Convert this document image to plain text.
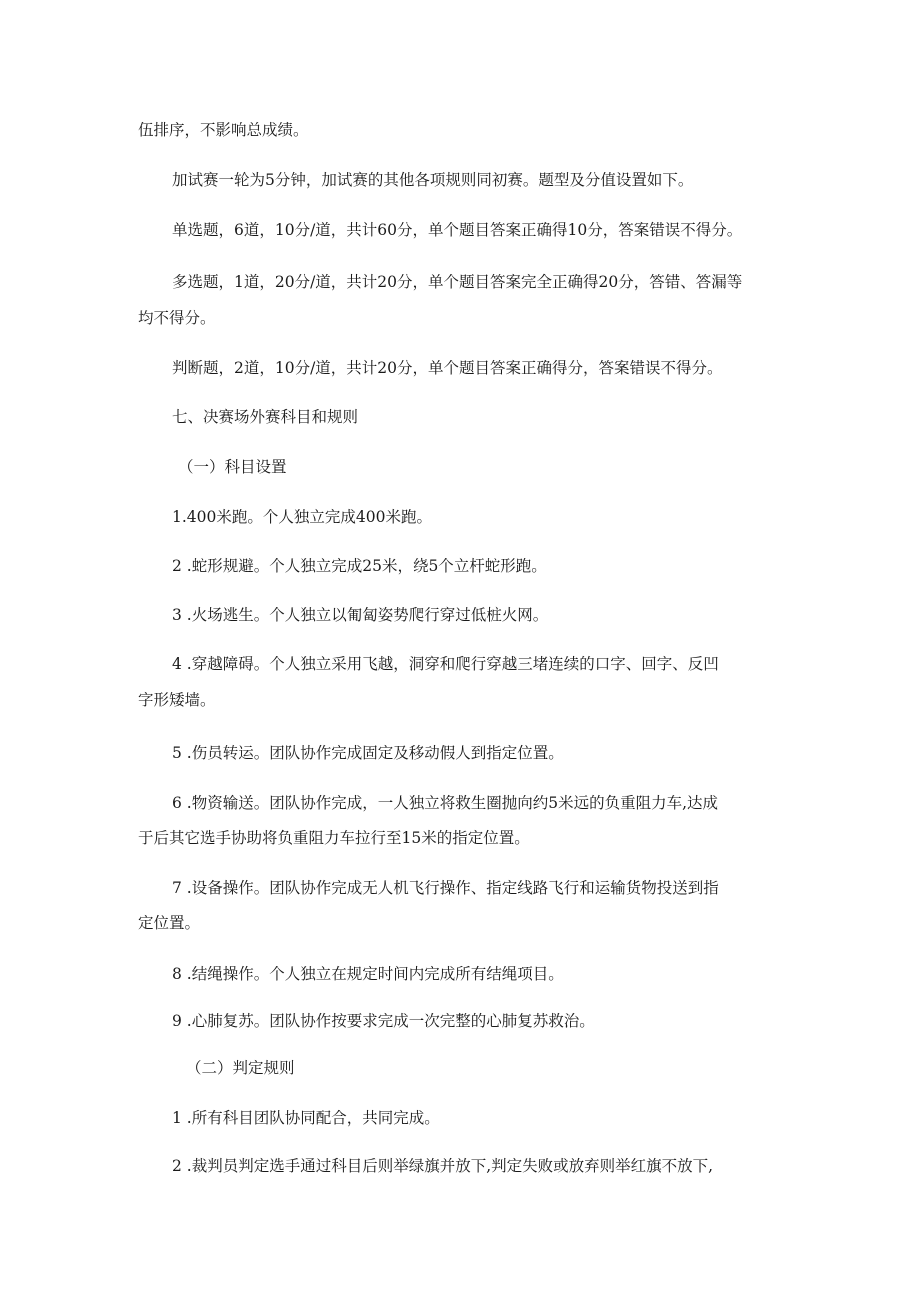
伍排序，不影响总成绩。
加试赛一轮为5分钟，加试赛的其他各项规则同初赛。题型及分值设置如下。
单选题，6道，10分/道，共计60分，单个题目答案正确得10分，答案错误不得分。
多选题，1道，20分/道，共计20分，单个题目答案完全正确得20分，答错、答漏等
均不得分。
判断题，2道，10分/道，共计20分，单个题目答案正确得分，答案错误不得分。
七、决赛场外赛科目和规则
（一）科目设置
1.400米跑。个人独立完成400米跑。
2 .蛇形规避。个人独立完成25米，绕5个立杆蛇形跑。
3 .火场逃生。个人独立以匍匐姿势爬行穿过低桩火网。
4 .穿越障碍。个人独立采用飞越，洞穿和爬行穿越三堵连续的口字、回字、反凹
字形矮墙。
5 .伤员转运。团队协作完成固定及移动假人到指定位置。
6 .物资输送。团队协作完成，一人独立将救生圈抛向约5米远的负重阻力车,达成
于后其它选手协助将负重阻力车拉行至15米的指定位置。
7 .设备操作。团队协作完成无人机飞行操作、指定线路飞行和运输货物投送到指
定位置。
8 .结绳操作。个人独立在规定时间内完成所有结绳项目。
9 .心肺复苏。团队协作按要求完成一次完整的心肺复苏救治。
（二）判定规则
1 .所有科目团队协同配合，共同完成。
2 .裁判员判定选手通过科目后则举绿旗并放下,判定失败或放弃则举红旗不放下,
